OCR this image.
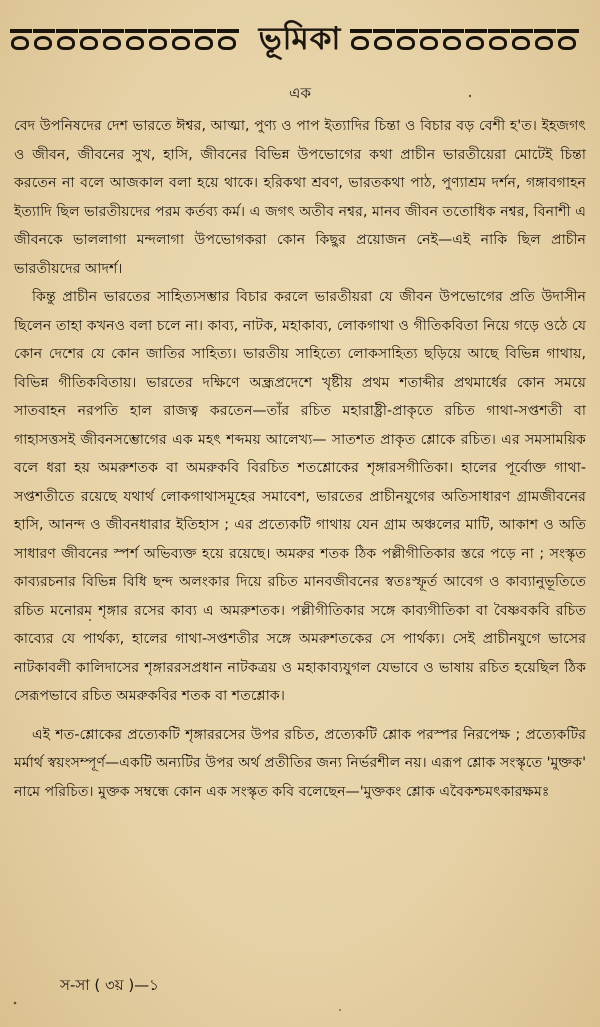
ভূমিকা
এক

বেদ উপনিষদের দেশ ভারতে ঈশ্বর, আত্মা, পুণ্য ও পাপ ইত্যাদির চিন্তা ও বিচার বড় বেশী হ'ত। ইহজগৎ ও জীবন, জীবনের সুখ, হাসি, জীবনের বিভিন্ন উপভোগের কথা প্রাচীন ভারতীয়েরা মোটেই চিন্তা করতেন না বলে আজকাল বলা হয়ে থাকে। হরিকথা শ্রবণ, ভারতকথা পাঠ, পুণ্যাশ্রম দর্শন, গঙ্গাবগাহন ইত্যাদি ছিল ভারতীয়দের পরম কর্তব্য কর্ম। এ জগৎ অতীব নশ্বর, মানব জীবন ততোধিক নশ্বর, বিনাশী এ জীবনকে ভাললাগা মন্দলাগা উপভোগকরা কোন কিছুর প্রয়োজন নেই—এই নাকি ছিল প্রাচীন ভারতীয়দের আদর্শ।

কিন্তু প্রাচীন ভারতের সাহিত্যসম্ভার বিচার করলে ভারতীয়রা যে জীবন উপভোগের প্রতি উদাসীন ছিলেন তাহা কখনও বলা চলে না। কাব্য, নাটক, মহাকাব্য, লোকগাথা ও গীতিকবিতা নিয়ে গড়ে ওঠে যে কোন দেশের যে কোন জাতির সাহিত্য। ভারতীয় সাহিত্যে লোকসাহিত্য ছড়িয়ে আছে বিভিন্ন গাথায়, বিভিন্ন গীতিকবিতায়। ভারতের দক্ষিণে অন্ধ্রপ্রদেশে খৃষ্টীয় প্রথম শতাব্দীর প্রথমার্ধের কোন সময়ে সাতবাহন নরপতি হাল রাজত্ব করতেন—তাঁর রচিত মহারাষ্ট্রী-প্রাকৃতে রচিত গাথা-সপ্তশতী বা গাহাসত্তসই জীবনসম্ভোগের এক মহৎ শব্দময় আলেখ্য— সাতশত প্রাকৃত শ্লোকে রচিত। এর সমসাময়িক বলে ধরা হয় অমরুশতক বা অমরুকবি বিরচিত শতশ্লোকের শৃঙ্গারসগীতিকা। হালের পূর্বোক্ত গাথা-সপ্তশতীতে রয়েছে যথার্থ লোকগাথাসমূহের সমাবেশ, ভারতের প্রাচীনযুগের অতিসাধারণ গ্রামজীবনের হাসি, আনন্দ ও জীবনধারার ইতিহাস ; এর প্রত্যেকটি গাথায় যেন গ্রাম অঞ্চলের মাটি, আকাশ ও অতি সাধারণ জীবনের স্পর্শ অভিব্যক্ত হয়ে রয়েছে। অমরুর শতক ঠিক পল্লীগীতিকার স্তরে পড়ে না ; সংস্কৃত কাব্যরচনার বিভিন্ন বিধি ছন্দ অলংকার দিয়ে রচিত মানবজীবনের স্বতঃস্ফূর্ত আবেগ ও কাব্যানুভূতিতে রচিত মনোরম শৃঙ্গার রসের কাব্য এ অমরুশতক। পল্লীগীতিকার সঙ্গে কাব্যগীতিকা বা বৈষ্ণবকবি রচিত কাব্যের যে পার্থক্য, হালের গাথা-সপ্তশতীর সঙ্গে অমরুশতকের সে পার্থক্য। সেই প্রাচীনযুগে ভাসের নাটকাবলী কালিদাসের শৃঙ্গাররসপ্রধান নাটকত্রয় ও মহাকাব্যযুগল যেভাবে ও ভাষায় রচিত হয়েছিল ঠিক সেরূপভাবে রচিত অমরুকবির শতক বা শতশ্লোক।

এই শত-শ্লোকের প্রত্যেকটি শৃঙ্গাররসের উপর রচিত, প্রত্যেকটি শ্লোক পরস্পর নিরপেক্ষ ; প্রত্যেকটির মর্মার্থ স্বয়ংসম্পূর্ণ—একটি অন্যটির উপর অর্থ প্রতীতির জন্য নির্ভরশীল নয়। এরূপ শ্লোক সংস্কৃতে 'মুক্তক' নামে পরিচিত। মুক্তক সম্বন্ধে কোন এক সংস্কৃত কবি বলেছেন—'মুক্তকং শ্লোক এবৈকশ্চমৎকারক্ষমঃ

স-সা ( ৩য় )—১
